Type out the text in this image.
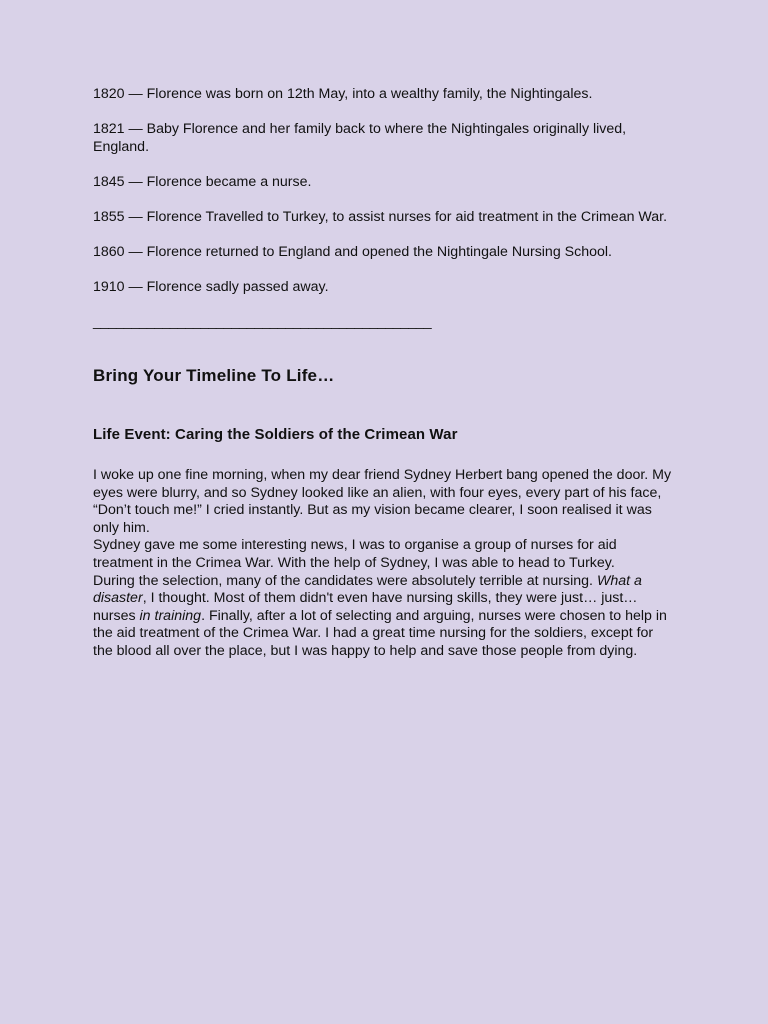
1820 — Florence was born on 12th May, into a wealthy family, the Nightingales.

1821 — Baby Florence and her family back to where the Nightingales originally lived, England.

1845 — Florence became a nurse.

1855 — Florence Travelled to Turkey, to assist nurses for aid treatment in the Crimean War.

1860 — Florence returned to England and opened the Nightingale Nursing School.

1910 — Florence sadly passed away.

____________________________________________
Bring Your Timeline To Life…
Life Event: Caring the Soldiers of the Crimean War

I woke up one fine morning, when my dear friend Sydney Herbert bang opened the door. My eyes were blurry, and so Sydney looked like an alien, with four eyes, every part of his face, “Don’t touch me!” I cried instantly. But as my vision became clearer, I soon realised it was only him.

Sydney gave me some interesting news, I was to organise a group of nurses for aid treatment in the Crimea War. With the help of Sydney, I was able to head to Turkey.

During the selection, many of the candidates were absolutely terrible at nursing. What a disaster, I thought. Most of them didn't even have nursing skills, they were just… just… nurses in training. Finally, after a lot of selecting and arguing, nurses were chosen to help in the aid treatment of the Crimea War. I had a great time nursing for the soldiers, except for the blood all over the place, but I was happy to help and save those people from dying.
